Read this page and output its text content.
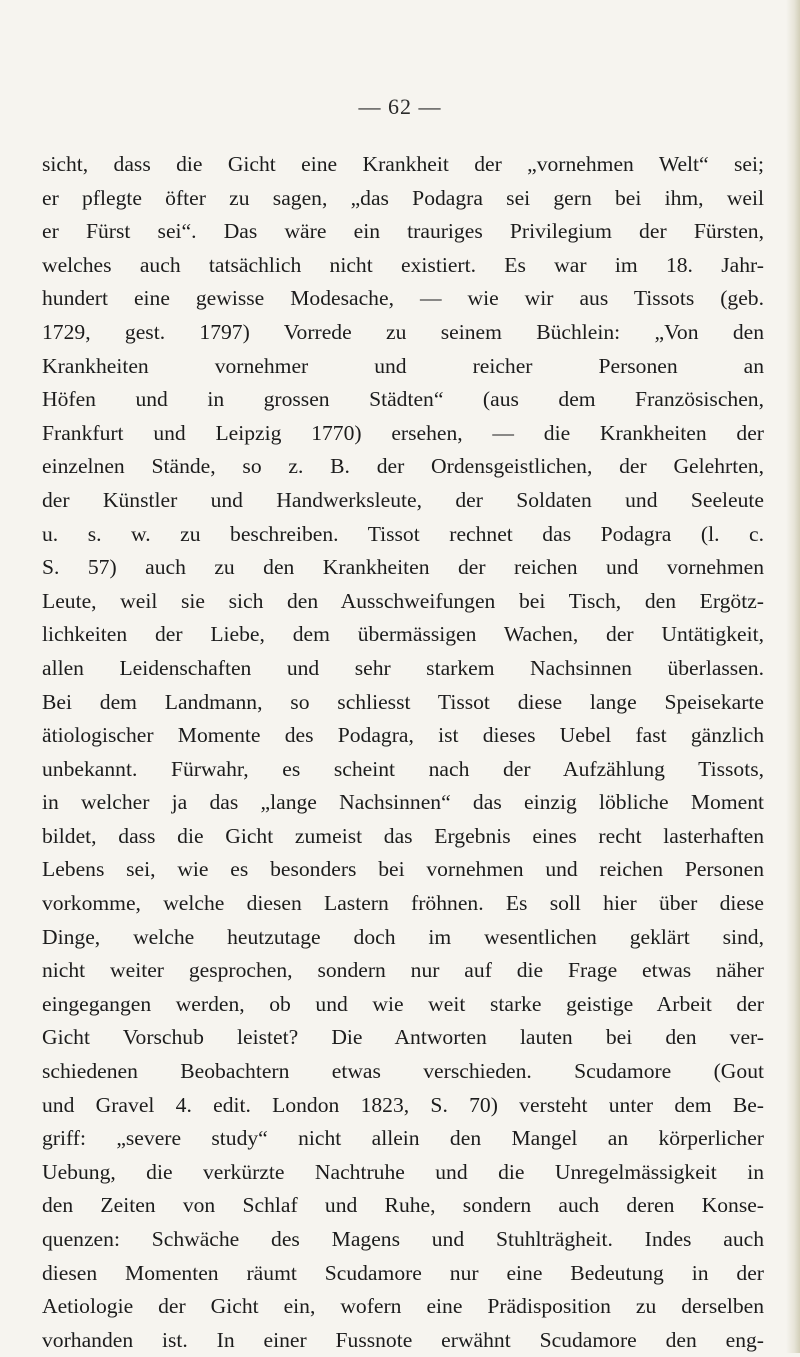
— 62 —
sicht, dass die Gicht eine Krankheit der „vornehmen Welt“ sei;
er pflegte öfter zu sagen, „das Podagra sei gern bei ihm, weil
er Fürst sei“. Das wäre ein trauriges Privilegium der Fürsten,
welches auch tatsächlich nicht existiert. Es war im 18. Jahr-
hundert eine gewisse Modesache, — wie wir aus Tissots (geb.
1729, gest. 1797) Vorrede zu seinem Büchlein: „Von den
Krankheiten vornehmer und reicher Personen an
Höfen und in grossen Städten“ (aus dem Französischen,
Frankfurt und Leipzig 1770) ersehen, — die Krankheiten der
einzelnen Stände, so z. B. der Ordensgeistlichen, der Gelehrten,
der Künstler und Handwerksleute, der Soldaten und Seeleute
u. s. w. zu beschreiben. Tissot rechnet das Podagra (l. c.
S. 57) auch zu den Krankheiten der reichen und vornehmen
Leute, weil sie sich den Ausschweifungen bei Tisch, den Ergötz-
lichkeiten der Liebe, dem übermässigen Wachen, der Untätigkeit,
allen Leidenschaften und sehr starkem Nachsinnen überlassen.
Bei dem Landmann, so schliesst Tissot diese lange Speisekarte
ätiologischer Momente des Podagra, ist dieses Uebel fast gänzlich
unbekannt. Fürwahr, es scheint nach der Aufzählung Tissots,
in welcher ja das „lange Nachsinnen“ das einzig löbliche Moment
bildet, dass die Gicht zumeist das Ergebnis eines recht lasterhaften
Lebens sei, wie es besonders bei vornehmen und reichen Personen
vorkomme, welche diesen Lastern fröhnen. Es soll hier über diese
Dinge, welche heutzutage doch im wesentlichen geklärt sind,
nicht weiter gesprochen, sondern nur auf die Frage etwas näher
eingegangen werden, ob und wie weit starke geistige Arbeit der
Gicht Vorschub leistet? Die Antworten lauten bei den ver-
schiedenen Beobachtern etwas verschieden. Scudamore (Gout
und Gravel 4. edit. London 1823, S. 70) versteht unter dem Be-
griff: „severe study“ nicht allein den Mangel an körperlicher
Uebung, die verkürzte Nachtruhe und die Unregelmässigkeit in
den Zeiten von Schlaf und Ruhe, sondern auch deren Konse-
quenzen: Schwäche des Magens und Stuhlträgheit. Indes auch
diesen Momenten räumt Scudamore nur eine Bedeutung in der
Aetiologie der Gicht ein, wofern eine Prädisposition zu derselben
vorhanden ist. In einer Fussnote erwähnt Scudamore den eng-
